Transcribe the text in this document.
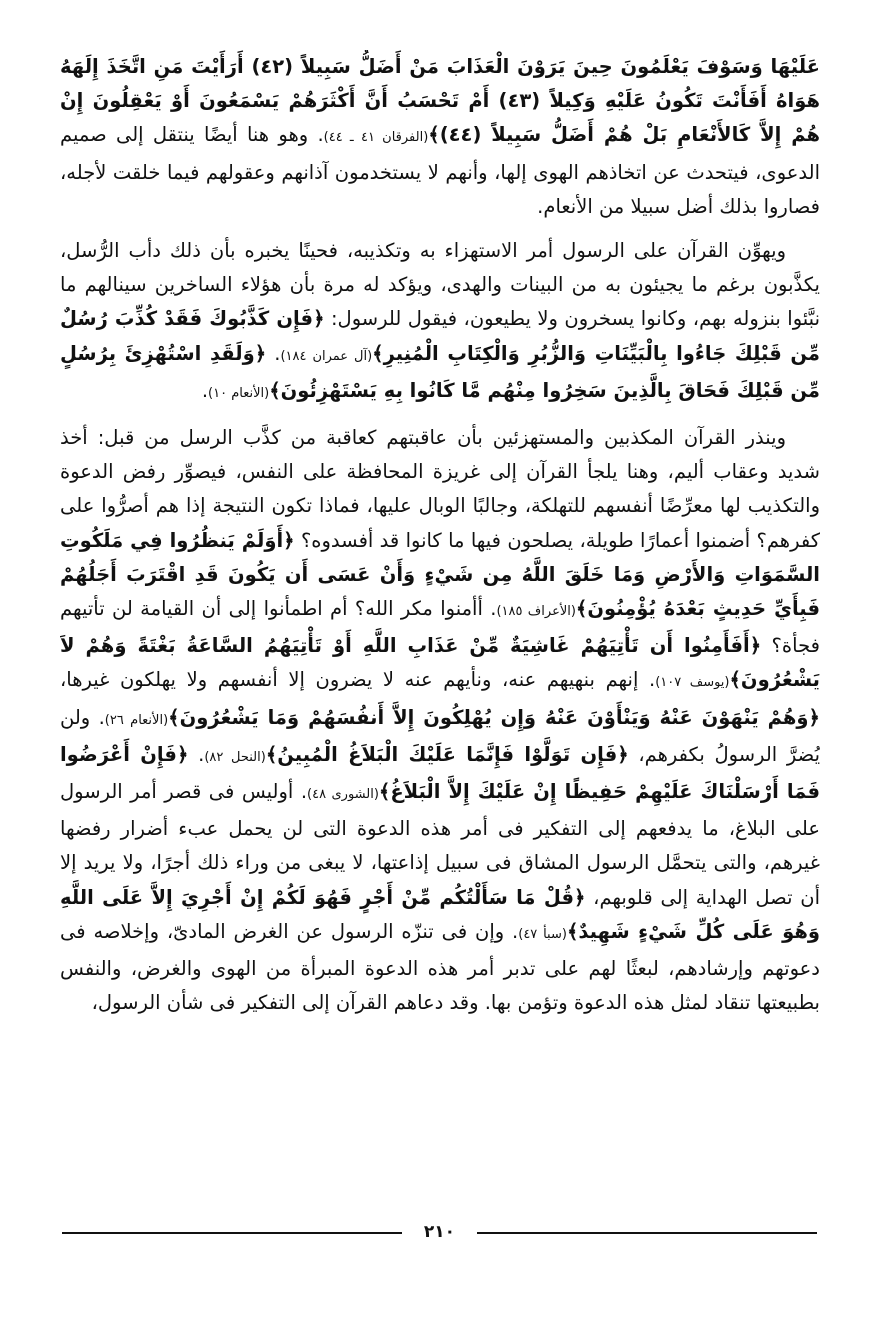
عَلَيْهَا وَسَوْفَ يَعْلَمُونَ حِينَ يَرَوْنَ الْعَذَابَ مَنْ أَضَلُّ سَبِيلاً (٤٢) أَرَأَيْتَ مَنِ اتَّخَذَ إِلَهَهُ هَوَاهُ أَفَأَنْتَ تَكُونُ عَلَيْهِ وَكِيلاً (٤٣) أَمْ تَحْسَبُ أَنَّ أَكْثَرَهُمْ يَسْمَعُونَ أَوْ يَعْقِلُونَ إِنْ هُمْ إِلاَّ كَالأَنْعَامِ بَلْ هُمْ أَضَلُّ سَبِيلاً (٤٤)﴾(الفرقان ٤١ ـ ٤٤). وهو هنا أيضًا ينتقل إلى صميم الدعوى، فيتحدث عن اتخاذهم الهوى إلها، وأنهم لا يستخدمون آذانهم وعقولهم فيما خلقت لأجله، فصاروا بذلك أضل سبيلا من الأنعام.

ويهوِّن القرآن على الرسول أمر الاستهزاء به وتكذيبه، فحينًا يخبره بأن ذلك دأب الرُّسل، يكذَّبون برغم ما يجيئون به من البينات والهدى، ويؤكد له مرة بأن هؤلاء الساخرين سينالهم ما نبَّئوا بنزوله بهم، وكانوا يسخرون ولا يطيعون، فيقول للرسول: ﴿فَإِن كَذَّبُوكَ فَقَدْ كُذِّبَ رُسُلٌ مِّن قَبْلِكَ جَاءُوا بِالْبَيِّنَاتِ وَالزُّبُرِ وَالْكِتَابِ الْمُنِيرِ﴾(آل عمران ١٨٤). ﴿وَلَقَدِ اسْتُهْزِئَ بِرُسُلٍ مِّن قَبْلِكَ فَحَاقَ بِالَّذِينَ سَخِرُوا مِنْهُم مَّا كَانُوا بِهِ يَسْتَهْزِئُونَ﴾(الأنعام ١٠).

وينذر القرآن المكذبين والمستهزئين بأن عاقبتهم كعاقبة من كذَّب الرسل من قبل: أخذ شديد وعقاب أليم، وهنا يلجأ القرآن إلى غريزة المحافظة على النفس، فيصوِّر رفض الدعوة والتكذيب لها معرِّضًا أنفسهم للتهلكة، وجالبًا الوبال عليها، فماذا تكون النتيجة إذا هم أصرُّوا على كفرهم؟ أضمنوا أعمارًا طويلة، يصلحون فيها ما كانوا قد أفسدوه؟ ﴿أَوَلَمْ يَنظُرُوا فِي مَلَكُوتِ السَّمَوَاتِ وَالأَرْضِ وَمَا خَلَقَ اللَّهُ مِن شَيْءٍ وَأَنْ عَسَى أَن يَكُونَ قَدِ اقْتَرَبَ أَجَلُهُمْ فَبِأَيِّ حَدِيثٍ بَعْدَهُ يُؤْمِنُونَ﴾(الأعراف ١٨٥). أأمنوا مكر الله؟ أم اطمأنوا إلى أن القيامة لن تأتيهم فجأة؟ ﴿أَفَأَمِنُوا أَن تَأْتِيَهُمْ غَاشِيَةٌ مِّنْ عَذَابِ اللَّهِ أَوْ تَأْتِيَهُمُ السَّاعَةُ بَغْتَةً وَهُمْ لاَ يَشْعُرُونَ﴾(يوسف ١٠٧). إنهم بنهيهم عنه، ونأيهم عنه لا يضرون إلا أنفسهم ولا يهلكون غيرها، ﴿وَهُمْ يَنْهَوْنَ عَنْهُ وَيَنْأَوْنَ عَنْهُ وَإِن يُهْلِكُونَ إِلاَّ أَنفُسَهُمْ وَمَا يَشْعُرُونَ﴾(الأنعام ٢٦). ولن يُضرَّ الرسولُ بكفرهم، ﴿فَإِن تَوَلَّوْا فَإِنَّمَا عَلَيْكَ الْبَلاَغُ الْمُبِينُ﴾(النحل ٨٢). ﴿فَإِنْ أَعْرَضُوا فَمَا أَرْسَلْنَاكَ عَلَيْهِمْ حَفِيظًا إِنْ عَلَيْكَ إِلاَّ الْبَلاَغُ﴾(الشورى ٤٨). أوليس فى قصر أمر الرسول على البلاغ، ما يدفعهم إلى التفكير فى أمر هذه الدعوة التى لن يحمل عبء أضرار رفضها غيرهم، والتى يتحمَّل الرسول المشاق فى سبيل إذاعتها، لا يبغى من وراء ذلك أجرًا، ولا يريد إلا أن تصل الهداية إلى قلوبهم، ﴿قُلْ مَا سَأَلْتُكُم مِّنْ أَجْرٍ فَهُوَ لَكُمْ إِنْ أَجْرِيَ إِلاَّ عَلَى اللَّهِ وَهُوَ عَلَى كُلِّ شَيْءٍ شَهِيدٌ﴾(سبأ ٤٧). وإن فى تنزّه الرسول عن الغرض المادىّ، وإخلاصه فى دعوتهم وإرشادهم، لبعثًا لهم على تدبر أمر هذه الدعوة المبرأة من الهوى والغرض، والنفس بطبيعتها تنقاد لمثل هذه الدعوة وتؤمن بها. وقد دعاهم القرآن إلى التفكير فى شأن الرسول،

٢١٠
